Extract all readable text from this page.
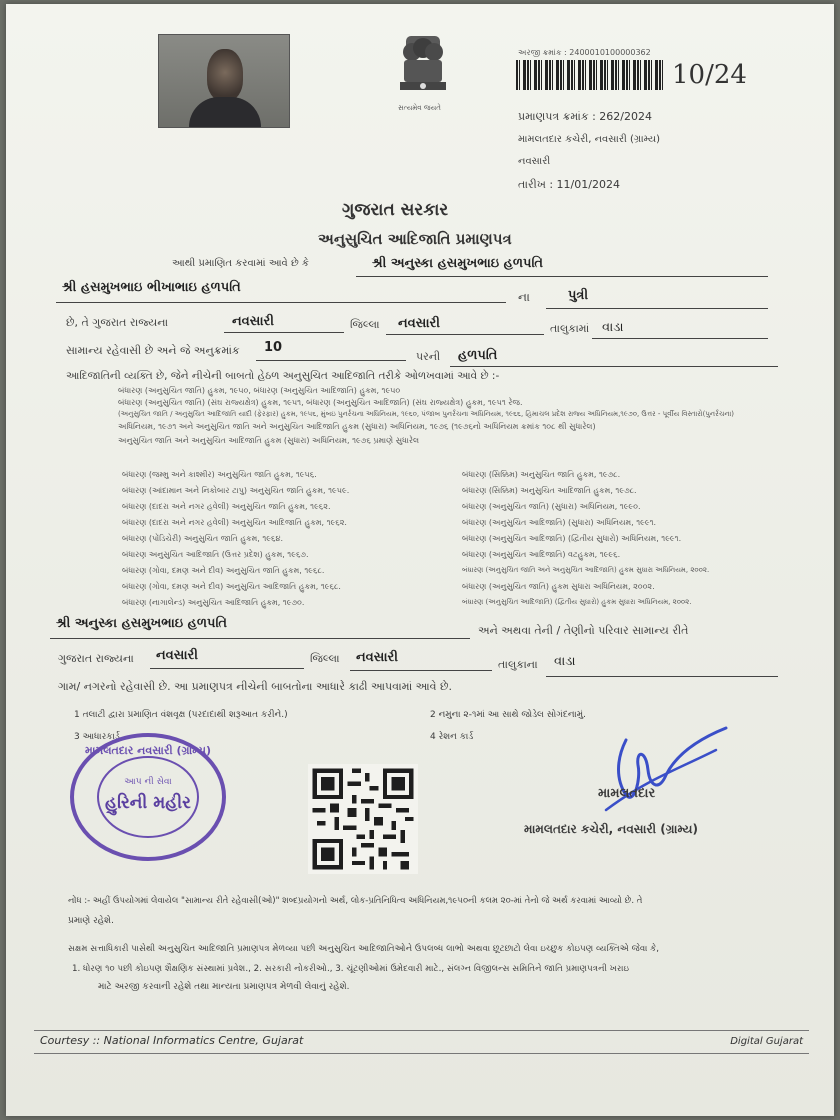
સત્યમેવ જયતે
અરજી ક્રમાંક : 2400010100000362
10/24
પ્રમાણપત્ર ક્રમાંક : 262/2024
મામલતદાર કચેરી, નવસારી (ગ્રામ્ય)
નવસારી
તારીખ : 11/01/2024
ગુજરાત સરકાર
અનુસુચિત આદિજાતિ પ્રમાણપત્ર
આથી પ્રમાણિત કરવામાં આવે છે કે	શ્રી અનુસ્કા હસમુખભાઇ હળપતિ
શ્રી હસમુખભાઇ ભીખાભાઇ હળપતિ
ના	પુત્રી
છે, તે ગુજરાત રાજ્યના	નવસારી	જિલ્લા નવસારી	તાલુકામાં વાડા
સામાન્ય રહેવાસી છે અને જે અનુક્રમાંક 10
પરની હળપતિ
આદિજાતિની વ્યક્તિ છે, જેને નીચેની બાબતો હેઠળ અનુસુચિત આદિજાતિ તરીકે ઓળખવામાં આવે છે :-
બંધારણ (અનુસુચિત જાતિ) હુકમ, ૧૯૫૦, બંધારણ (અનુસુચિત આદિજાતિ) હુકમ, ૧૯૫૦
બંધારણ (અનુસુચિત જાતિ) (સંઘ રાજ્યક્ષેત્ર) હુકમ, ૧૯૫૧, બંધારણ (અનુસુચિત આદિજાતિ) (સંઘ રાજ્યક્ષેત્ર) હુકમ, ૧૯૫૧ રેજ.
(અનુસુચિત જાતિ / અનુસુચિત આદિજાતિ યાદી (ફેરફાર) હુકમ, ૧૯૫૬, મુંબઇ પુનર્રચના અધિનિયમ, ૧૯૬૦, પંજાબ પુનર્રચના અધિનિયમ, ૧૯૬૬, હિમાચલ પ્રદેશ રાજ્ય અધિનિયમ,૧૯૭૦, ઉત્તર - પૂર્વીય વિસ્તારો(પુનર્રચના)
અધિનિયમ, ૧૯૭૧ અને અનુસુચિત જાતિ અને અનુસુચિત આદિજાતિ હુકમ (સુધારા) અધિનિયમ, ૧૯૭૬ (૧૯૭૬નો અધિનિયમ ક્રમાંક ૧૦૮ થી સુધારેલ)
અનુસુચિત જાતિ અને અનુસુચિત આદિજાતિ હુકમ (સુધારા) અધિનિયમ, ૧૯૭૬ પ્રમાણે સુધારેલ
બંધારણ (જમ્મુ અને કાશ્મીર) અનુસુચિત જાતિ હુકમ, ૧૯૫૬.
બંધારણ (આંદામાન અને નિકોબાર ટાપુ) અનુસુચિત જાતિ હુકમ, ૧૯૫૯.
બંધારણ (દાદરા અને નગર હવેલી) અનુસુચિત જાતિ હુકમ, ૧૯૬૨.
બંધારણ (દાદરા અને નગર હવેલી) અનુસુચિત આદિજાતિ હુકમ, ૧૯૬૨.
બંધારણ (પોંડિચેરી) અનુસુચિત જાતિ હુકમ, ૧૯૬૪.
બંધારણ અનુસુચિત આદિજાતિ (ઉત્તર પ્રદેશ) હુકમ, ૧૯૬૭.
બંધારણ (ગોવા, દમણ અને દીવ) અનુસુચિત જાતિ હુકમ, ૧૯૬૮.
બંધારણ (ગોવા, દમણ અને દીવ) અનુસુચિત આદિજાતિ હુકમ, ૧૯૬૮.
બંધારણ (નાગાલેન્ડ) અનુસુચિત આદિજાતિ હુકમ, ૧૯૭૦.
બંધારણ (સિક્કિમ) અનુસુચિત જાતિ હુકમ, ૧૯૭૮.
બંધારણ (સિક્કિમ) અનુસુચિત આદિજાતિ હુકમ, ૧૯૭૮.
બંધારણ (અનુસુચિત જાતિ) (સુધારા) અધિનિયમ, ૧૯૯૦.
બંધારણ (અનુસુચિત આદિજાતિ) (સુધારા) અધિનિયમ, ૧૯૯૧.
બંધારણ (અનુસુચિત આદિજાતિ) (દ્વિતીય સુધારો) અધિનિયમ, ૧૯૯૧.
બંધારણ (અનુસુચિત આદિજાતિ) વટહુકમ, ૧૯૯૬.
બંધારણ (અનુસુચિત જાતિ અને અનુસુચિત આદિજાતિ) હુકમ સુધારા અધિનિયમ, ૨૦૦૨.
બંધારણ (અનુસુચિત જાતિ) હુકમ સુધારા અધિનિયમ, ૨૦૦૨.
બંધારણ (અનુસુચિત આદિજાતિ) (દ્વિતીય સુધારો) હુકમ સુધારા અધિનિયમ, ૨૦૦૨.
શ્રી અનુસ્કા હસમુખભાઇ હળપતિ	અને અથવા તેની / તેણીનો પરિવાર સામાન્ય રીતે
ગુજરાત રાજ્યના નવસારી	જિલ્લા નવસારી	તાલુકાના વાડા
ગામ/ નગરનો રહેવાસી છે. આ પ્રમાણપત્ર નીચેની બાબતોના આધારે કાઢી આપવામાં આવે છે.
1 તલાટી દ્વારા પ્રમાણિત વંશવૃક્ષ (પરદાદાથી શરૂઆત કરીને.)	2 નમુના ૨-૧માં આ સાથે જોડેલ સોગંદનામું.
3 આધારકાર્ડ	4 રેશન કાર્ડ
મામલતદાર નવસારી (ગ્રામ્ય)
આપ ની સેવા
હુરિની મહીર	મામલતદાર
મામલતદાર કચેરી, નવસારી (ગ્રામ્ય)
નોંધ :- અહીં ઉપયોગમાં લેવાયેલ "સામાન્ય રીતે રહેવાસી(ઓ)" શબ્દપ્રયોગનો અર્થ, લોક-પ્રતિનિધિત્વ અધિનિયમ,૧૯૫૦ની કલમ ૨૦-માં તેનો જે અર્થ કરવામાં આવ્યો છે. તે
પ્રમાણે રહેશે.
સક્ષમ સત્તાધિકારી પાસેથી અનુસુચિત આદિજાતિ પ્રમાણપત્ર મેળવ્યા પછી અનુસુચિત આદિજાતિઓને ઉપલબ્ધ લાભો અથવા છૂટછાટો લેવા ઇચ્છુક કોઇપણ વ્યક્તિએ જેવા કે,
1. ધોરણ ૧૦ પછી કોઇપણ શૈક્ષણિક સંસ્થામાં પ્રવેશ., 2. સરકારી નોકરીઓ., 3. ચૂંટણીઓમાં ઉમેદવારી માટે., સંલગ્ન વિજીલન્સ સમિતિને જાતિ પ્રમાણપત્રની ખરાઇ
માટે અરજી કરવાની રહેશે તથા માન્યતા પ્રમાણપત્ર મેળવી લેવાનું રહેશે.
Courtesy :: National Informatics Centre, Gujarat	Digital Gujarat
